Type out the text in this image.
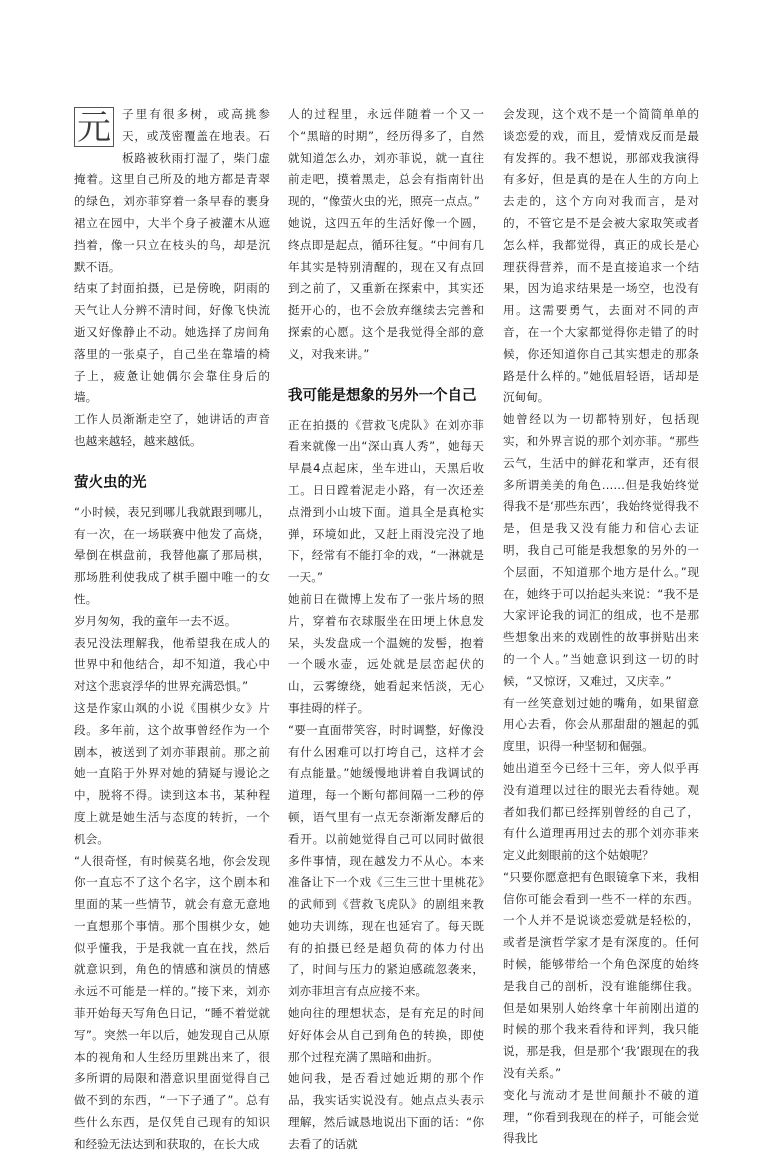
元 子里有很多树，或高挑参天，或茂密覆盖在地表。石板路被秋雨打湿了，柴门虚掩着。这里自己所及的地方都是青翠的绿色，刘亦菲穿着一条早春的裹身裙立在园中，大半个身子被灌木从遮挡着，像一只立在枝头的鸟，却是沉默不语。

结束了封面拍摄，已是傍晚，阴雨的天气让人分辨不清时间，好像飞快流逝又好像静止不动。她选择了房间角落里的一张桌子，自己坐在靠墙的椅子上，疲惫让她偶尔会靠住身后的墙。

工作人员渐渐走空了，她讲话的声音也越来越轻，越来越低。

萤火虫的光

“小时候，表兄到哪儿我就跟到哪儿，有一次，在一场联赛中他发了高烧，晕倒在棋盘前，我替他赢了那局棋，那场胜利使我成了棋手圈中唯一的女性。

岁月匆匆，我的童年一去不返。

表兄没法理解我，他希望我在成人的世界中和他结合，却不知道，我心中对这个悲哀浮华的世界充满恐惧。”

这是作家山飒的小说《围棋少女》片段。多年前，这个故事曾经作为一个剧本，被送到了刘亦菲跟前。那之前她一直陷于外界对她的猜疑与谩论之中，脱将不得。读到这本书，某种程度上就是她生活与态度的转折，一个机会。

“人很奇怪，有时候莫名地，你会发现你一直忘不了这个名字，这个剧本和里面的某一些情节，就会有意无意地一直想那个事情。那个围棋少女，她似乎懂我，于是我就一直在找，然后就意识到，角色的情感和演员的情感永远不可能是一样的。”接下来，刘亦菲开始每天写角色日记，“睡不着觉就写”。突然一年以后，她发现自己从原本的视角和人生经历里跳出来了，很多所谓的局限和潜意识里面觉得自己做不到的东西，“一下子通了”。总有些什么东西，是仅凭自己现有的知识和经验无法达到和获取的，在长大成

人的过程里，永远伴随着一个又一个“黑暗的时期”，经历得多了，自然就知道怎么办，刘亦菲说，就一直往前走吧，摸着黑走，总会有指南针出现的，“像萤火虫的光，照亮一点点。”

她说，这四五年的生活好像一个圆，终点即是起点，循环往复。“中间有几年其实是特别清醒的，现在又有点回到之前了，又重新在探索中，其实还挺开心的，也不会放弃继续去完善和探索的心愿。这个是我觉得全部的意义，对我来讲。”

我可能是想象的另外一个自己

正在拍摄的《营救飞虎队》在刘亦菲看来就像一出“深山真人秀”，她每天早晨4点起床，坐车进山，天黑后收工。日日蹚着泥走小路，有一次还差点滑到小山坡下面。道具全是真枪实弹，环境如此，又赶上雨没完没了地下，经常有不能打伞的戏，“一淋就是一天。”

她前日在微博上发布了一张片场的照片，穿着布衣球服坐在田埂上休息发呆，头发盘成一个温婉的发髻，抱着一个暖水壶，远处就是层峦起伏的山，云雾缭绕，她看起来恬淡，无心事挂碍的样子。

“要一直面带笑容，时时调整，好像没有什么困难可以打垮自己，这样才会有点能量。”她缓慢地讲着自我调试的道理，每一个断句都间隔一二秒的停顿，语气里有一点无奈渐渐发酵后的看开。以前她觉得自己可以同时做很多件事情，现在越发力不从心。本来准备让下一个戏《三生三世十里桃花》的武师到《营救飞虎队》的剧组来教她功夫训练，现在也延宕了。每天既有的拍摄已经是超负荷的体力付出了，时间与压力的紧迫感疏忽袭来，刘亦菲坦言有点应接不来。

她向往的理想状态，是有充足的时间好好体会从自己到角色的转换，即使那个过程充满了黑暗和曲折。

她问我，是否看过她近期的那个作品，我实话实说没有。她点点头表示理解，然后诚恳地说出下面的话：“你去看了的话就

会发现，这个戏不是一个简简单单的谈恋爱的戏，而且，爱情戏反而是最有发挥的。我不想说，那部戏我演得有多好，但是真的是在人生的方向上去走的，这个方向对我而言，是对的，不管它是不是会被大家取笑或者怎么样，我都觉得，真正的成长是心理获得营养，而不是直接追求一个结果，因为追求结果是一场空，也没有用。这需要勇气，去面对不同的声音，在一个大家都觉得你走错了的时候，你还知道你自己其实想走的那条路是什么样的。”她低眉轻语，话却是沉甸甸。

她曾经以为一切都特别好，包括现实，和外界言说的那个刘亦菲。“那些云气，生活中的鲜花和掌声，还有很多所谓美美的角色……但是我始终觉得我不是‘那些东西’，我始终觉得我不是，但是我又没有能力和信心去证明，我自己可能是我想象的另外的一个层面，不知道那个地方是什么。”现在，她终于可以抬起头来说：“我不是大家评论我的词汇的组成，也不是那些想象出来的戏剧性的故事拼贴出来的一个人。”当她意识到这一切的时候，“又惊讶，又难过，又庆幸。”

有一丝笑意划过她的嘴角，如果留意用心去看，你会从那甜甜的翘起的弧度里，识得一种坚韧和倔强。

她出道至今已经十三年，旁人似乎再没有道理以过往的眼光去看待她。观者如我们都已经挥别曾经的自己了，有什么道理再用过去的那个刘亦菲来定义此刻眼前的这个姑娘呢？

“只要你愿意把有色眼镜拿下来，我相信你可能会看到一些不一样的东西。一个人并不是说谈恋爱就是轻松的，或者是演哲学家才是有深度的。任何时候，能够带给一个角色深度的始终是我自己的剖析，没有谁能绑住我。但是如果别人始终拿十年前刚出道的时候的那个我来看待和评判，我只能说，那是我，但是那个‘我’跟现在的我没有关系。”

变化与流动才是世间颠扑不破的道理，“你看到我现在的样子，可能会觉得我比
